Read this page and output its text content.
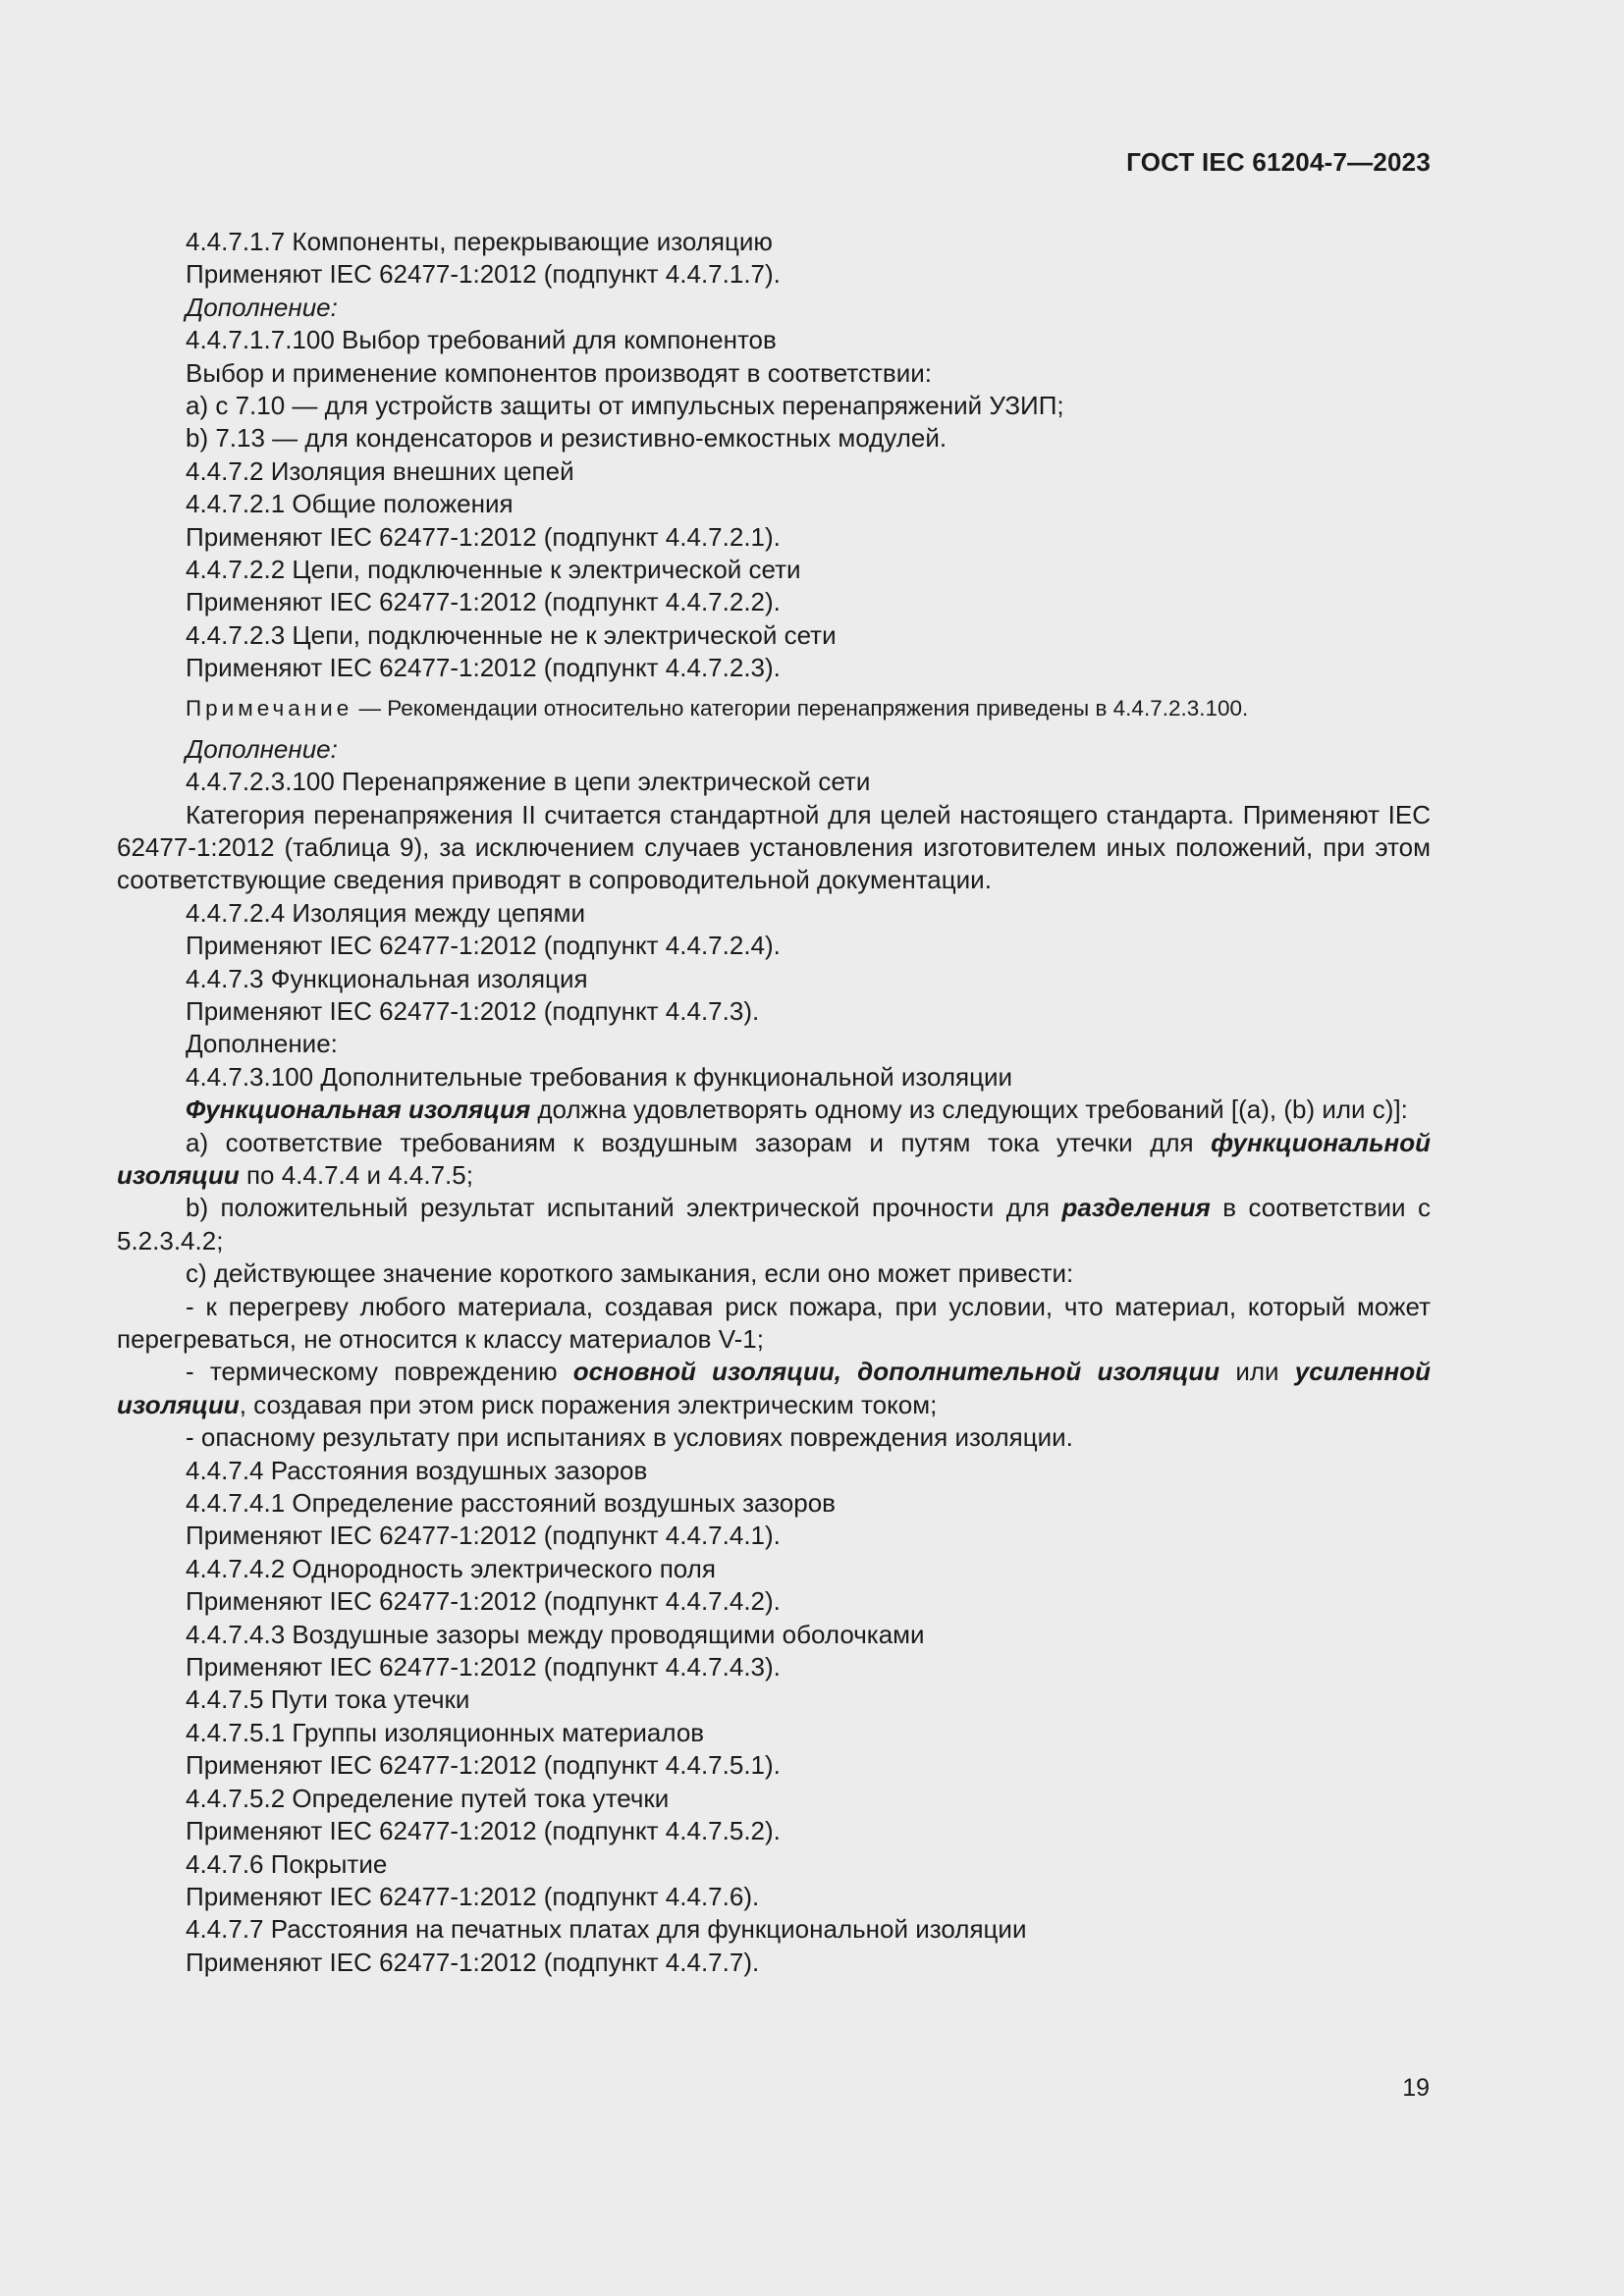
ГОСТ IEC 61204-7—2023

4.4.7.1.7 Компоненты, перекрывающие изоляцию

Применяют IEC 62477-1:2012 (подпункт 4.4.7.1.7).

Дополнение:

4.4.7.1.7.100 Выбор требований для компонентов

Выбор и применение компонентов производят в соответствии:

a) с 7.10 — для устройств защиты от импульсных перенапряжений УЗИП;

b) 7.13 — для конденсаторов и резистивно-емкостных модулей.

4.4.7.2 Изоляция внешних цепей

4.4.7.2.1 Общие положения

Применяют IEC 62477-1:2012 (подпункт 4.4.7.2.1).

4.4.7.2.2 Цепи, подключенные к электрической сети

Применяют IEC 62477-1:2012 (подпункт 4.4.7.2.2).

4.4.7.2.3 Цепи, подключенные не к электрической сети

Применяют IEC 62477-1:2012 (подпункт 4.4.7.2.3).

Примечание — Рекомендации относительно категории перенапряжения приведены в 4.4.7.2.3.100.

Дополнение:

4.4.7.2.3.100 Перенапряжение в цепи электрической сети

Категория перенапряжения II считается стандартной для целей настоящего стандарта. Применяют IEC 62477-1:2012 (таблица 9), за исключением случаев установления изготовителем иных положений, при этом соответствующие сведения приводят в сопроводительной документации.

4.4.7.2.4 Изоляция между цепями

Применяют IEC 62477-1:2012 (подпункт 4.4.7.2.4).

4.4.7.3 Функциональная изоляция

Применяют IEC 62477-1:2012 (подпункт 4.4.7.3).

Дополнение:

4.4.7.3.100 Дополнительные требования к функциональной изоляции

Функциональная изоляция должна удовлетворять одному из следующих требований [(a), (b) или c)]:

a) соответствие требованиям к воздушным зазорам и путям тока утечки для функциональной изоляции по 4.4.7.4 и 4.4.7.5;

b) положительный результат испытаний электрической прочности для разделения в соответствии с 5.2.3.4.2;

c) действующее значение короткого замыкания, если оно может привести:

- к перегреву любого материала, создавая риск пожара, при условии, что материал, который может перегреваться, не относится к классу материалов V-1;

- термическому повреждению основной изоляции, дополнительной изоляции или усиленной изоляции, создавая при этом риск поражения электрическим током;

- опасному результату при испытаниях в условиях повреждения изоляции.

4.4.7.4 Расстояния воздушных зазоров

4.4.7.4.1 Определение расстояний воздушных зазоров

Применяют IEC 62477-1:2012 (подпункт 4.4.7.4.1).

4.4.7.4.2 Однородность электрического поля

Применяют IEC 62477-1:2012 (подпункт 4.4.7.4.2).

4.4.7.4.3 Воздушные зазоры между проводящими оболочками

Применяют IEC 62477-1:2012 (подпункт 4.4.7.4.3).

4.4.7.5 Пути тока утечки

4.4.7.5.1 Группы изоляционных материалов

Применяют IEC 62477-1:2012 (подпункт 4.4.7.5.1).

4.4.7.5.2 Определение путей тока утечки

Применяют IEC 62477-1:2012 (подпункт 4.4.7.5.2).

4.4.7.6 Покрытие

Применяют IEC 62477-1:2012 (подпункт 4.4.7.6).

4.4.7.7 Расстояния на печатных платах для функциональной изоляции

Применяют IEC 62477-1:2012 (подпункт 4.4.7.7).

19
